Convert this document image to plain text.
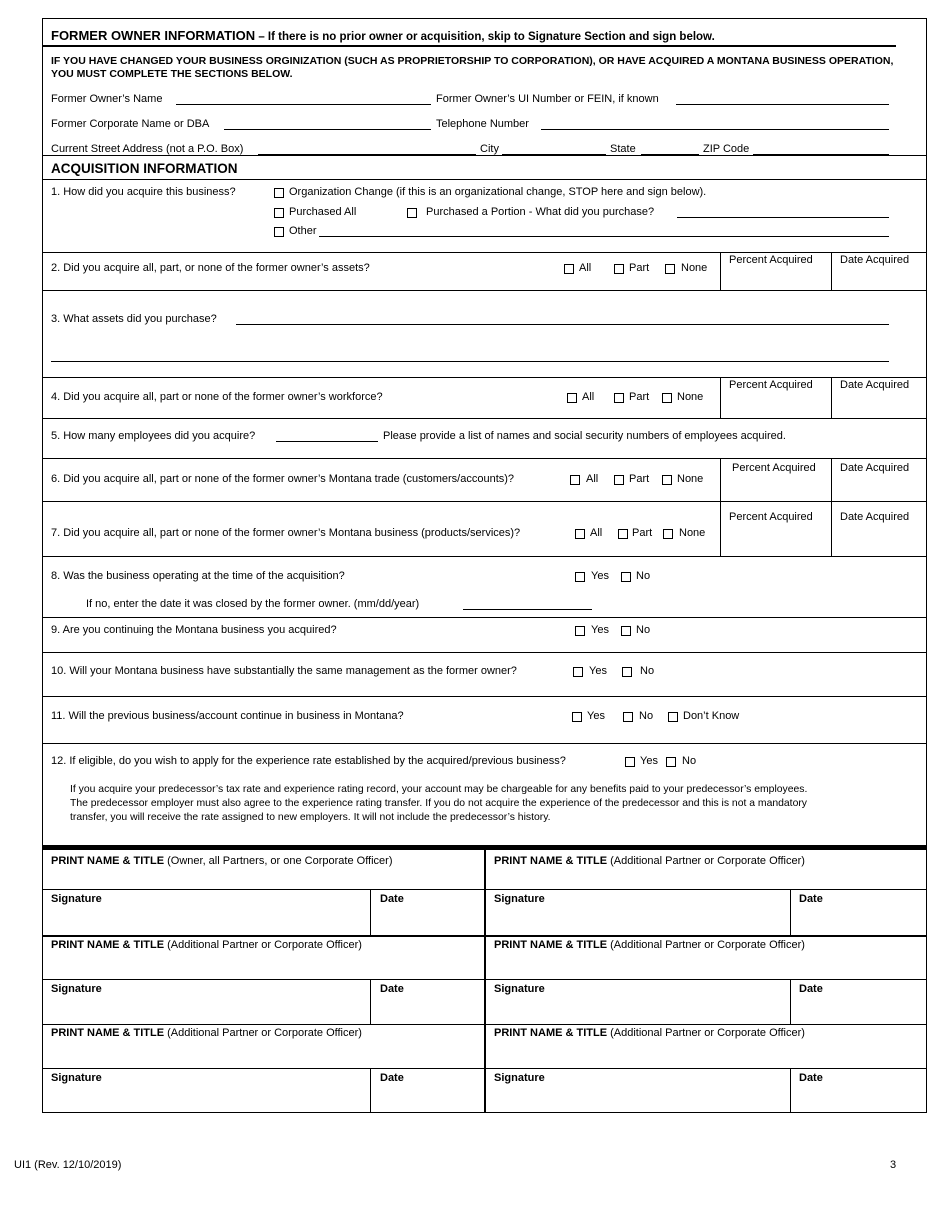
FORMER OWNER INFORMATION – If there is no prior owner or acquisition, skip to Signature Section and sign below.
IF YOU HAVE CHANGED YOUR BUSINESS ORGINIZATION (SUCH AS PROPRIETORSHIP TO CORPORATION), OR HAVE ACQUIRED A MONTANA BUSINESS OPERATION,
YOU MUST COMPLETE THE SECTIONS BELOW.
Former Owner’s Name	Former Owner’s UI Number or FEIN, if known
Former Corporate Name or DBA	Telephone Number
Current Street Address (not a P.O. Box)	City	State	ZIP Code
ACQUISITION INFORMATION
1. How did you acquire this business?	Organization Change (if this is an organizational change, STOP here and sign below).
Purchased All	Purchased a Portion - What did you purchase?
Other
2. Did you acquire all, part, or none of the former owner’s assets?	All	Part	None
Percent Acquired Date Acquired
3. What assets did you purchase?
4. Did you acquire all, part or none of the former owner’s workforce?	All	Part	None
Percent Acquired Date Acquired
5. How many employees did you acquire?	Please provide a list of names and social security numbers of employees acquired.
6. Did you acquire all, part or none of the former owner’s Montana trade (customers/accounts)?	All	Part	None
Percent Acquired Date Acquired
7. Did you acquire all, part or none of the former owner’s Montana business (products/services)?	All	Part None
Percent Acquired Date Acquired
8. Was the business operating at the time of the acquisition?	Yes No
If no, enter the date it was closed by the former owner. (mm/dd/year)
9. Are you continuing the Montana business you acquired?	Yes No
10. Will your Montana business have substantially the same management as the former owner?	Yes	No
11. Will the previous business/account continue in business in Montana?	Yes	No	Don’t Know
12. If eligible, do you wish to apply for the experience rate established by the acquired/previous business?	Yes No
If you acquire your predecessor’s tax rate and experience rating record, your account may be chargeable for any benefits paid to your predecessor’s employees.
The predecessor employer must also agree to the experience rating transfer. If you do not acquire the experience of the predecessor and this is not a mandatory
transfer, you will receive the rate assigned to new employers. It will not include the predecessor’s history.
PRINT NAME & TITLE (Owner, all Partners, or one Corporate Officer)	PRINT NAME & TITLE (Additional Partner or Corporate Officer)
Signature	Date	Signature	Date
PRINT NAME & TITLE (Additional Partner or Corporate Officer)	PRINT NAME & TITLE (Additional Partner or Corporate Officer)
Signature	Date	Signature	Date
PRINT NAME & TITLE (Additional Partner or Corporate Officer)	PRINT NAME & TITLE (Additional Partner or Corporate Officer)
Signature	Date	Signature	Date
UI1 (Rev. 12/10/2019)	3
